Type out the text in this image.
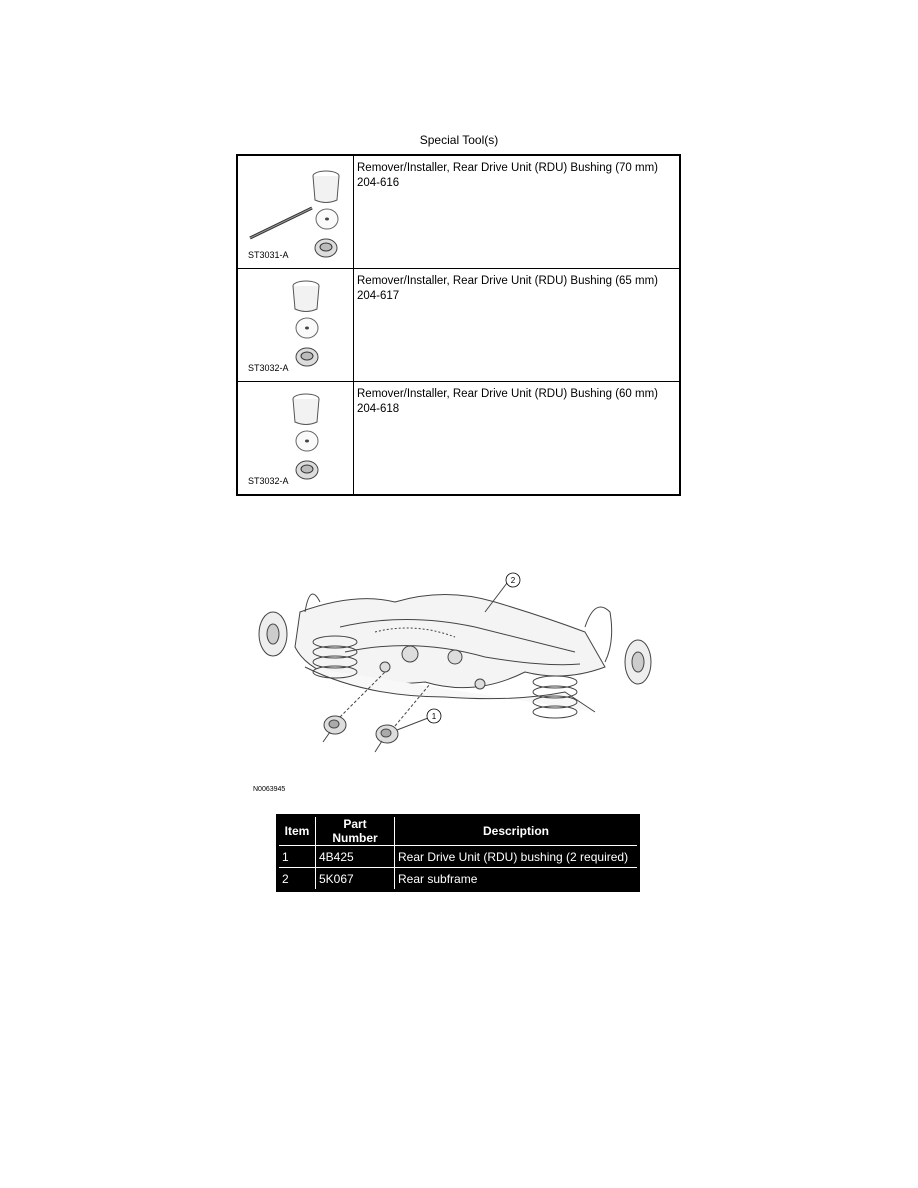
Special Tool(s)
ST3031-A	Remover/Installer, Rear Drive Unit (RDU) Bushing (70 mm)
204-616

ST3032-A	Remover/Installer, Rear Drive Unit (RDU) Bushing (65 mm)
204-617

ST3032-A	Remover/Installer, Rear Drive Unit (RDU) Bushing (60 mm)
204-618
2
1
N0063945
Item	Part Number	Description
1	4B425	Rear Drive Unit (RDU) bushing (2 required)
2	5K067	Rear subframe
